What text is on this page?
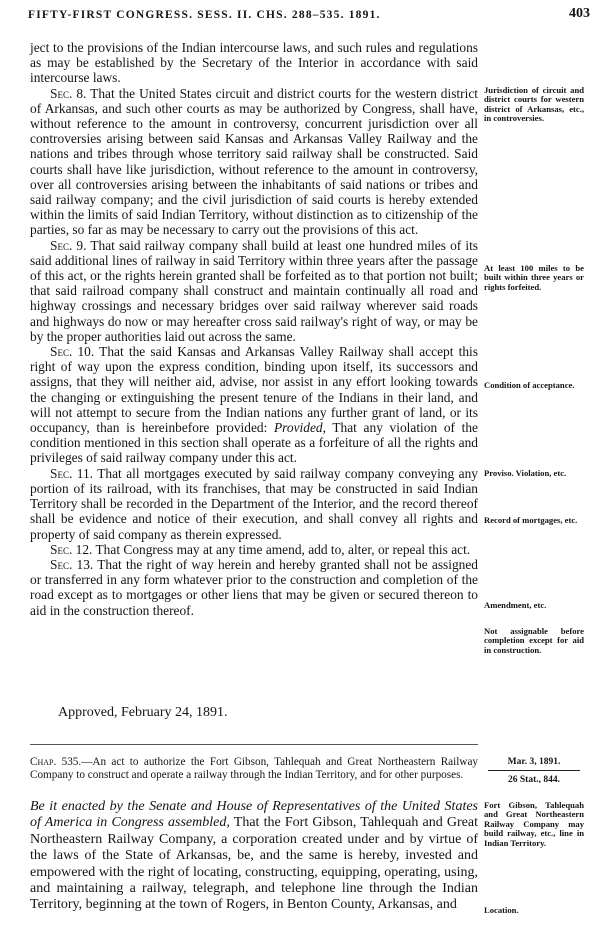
FIFTY-FIRST CONGRESS. SESS. II. CHS. 288–535. 1891.	403

ject to the provisions of the Indian intercourse laws, and such rules and regulations as may be established by the Secretary of the Interior in accordance with said intercourse laws.

Sec. 8. That the United States circuit and district courts for the western district of Arkansas, and such other courts as may be authorized by Congress, shall have, without reference to the amount in controversy, concurrent jurisdiction over all controversies arising between said Kansas and Arkansas Valley Railway and the nations and tribes through whose territory said railway shall be constructed. Said courts shall have like jurisdiction, without reference to the amount in controversy, over all controversies arising between the inhabitants of said nations or tribes and said railway company; and the civil jurisdiction of said courts is hereby extended within the limits of said Indian Territory, without distinction as to citizenship of the parties, so far as may be necessary to carry out the provisions of this act.

Sec. 9. That said railway company shall build at least one hundred miles of its said additional lines of railway in said Territory within three years after the passage of this act, or the rights herein granted shall be forfeited as to that portion not built; that said railroad company shall construct and maintain continually all road and highway crossings and necessary bridges over said railway wherever said roads and highways do now or may hereafter cross said railway's right of way, or may be by the proper authorities laid out across the same.

Sec. 10. That the said Kansas and Arkansas Valley Railway shall accept this right of way upon the express condition, binding upon itself, its successors and assigns, that they will neither aid, advise, nor assist in any effort looking towards the changing or extinguishing the present tenure of the Indians in their land, and will not attempt to secure from the Indian nations any further grant of land, or its occupancy, than is hereinbefore provided: Provided, That any violation of the condition mentioned in this section shall operate as a forfeiture of all the rights and privileges of said railway company under this act.

Sec. 11. That all mortgages executed by said railway company conveying any portion of its railroad, with its franchises, that may be constructed in said Indian Territory shall be recorded in the Department of the Interior, and the record thereof shall be evidence and notice of their execution, and shall convey all rights and property of said company as therein expressed.

Sec. 12. That Congress may at any time amend, add to, alter, or repeal this act.

Sec. 13. That the right of way herein and hereby granted shall not be assigned or transferred in any form whatever prior to the construction and completion of the road except as to mortgages or other liens that may be given or secured thereon to aid in the construction thereof.

Approved, February 24, 1891.
Jurisdiction of circuit and district courts for western district of Arkansas, etc., in controversies.
At least 100 miles to be built within three years or rights forfeited.
Condition of acceptance.
Proviso. Violation, etc.
Record of mortgages, etc.
Amendment, etc.
Not assignable before completion except for aid in construction.
Chap. 535.—An act to authorize the Fort Gibson, Tahlequah and Great Northeastern Railway Company to construct and operate a railway through the Indian Territory, and for other purposes.
Mar. 3, 1891.
26 Stat., 844.
Be it enacted by the Senate and House of Representatives of the United States of America in Congress assembled, That the Fort Gibson, Tahlequah and Great Northeastern Railway Company, a corporation created under and by virtue of the laws of the State of Arkansas, be, and the same is hereby, invested and empowered with the right of locating, constructing, equipping, operating, using, and maintaining a railway, telegraph, and telephone line through the Indian Territory, beginning at the town of Rogers, in Benton County, Arkansas, and
Fort Gibson, Tahlequah and Great Northeastern Railway Company may build railway, etc., line in Indian Territory.
Location.
